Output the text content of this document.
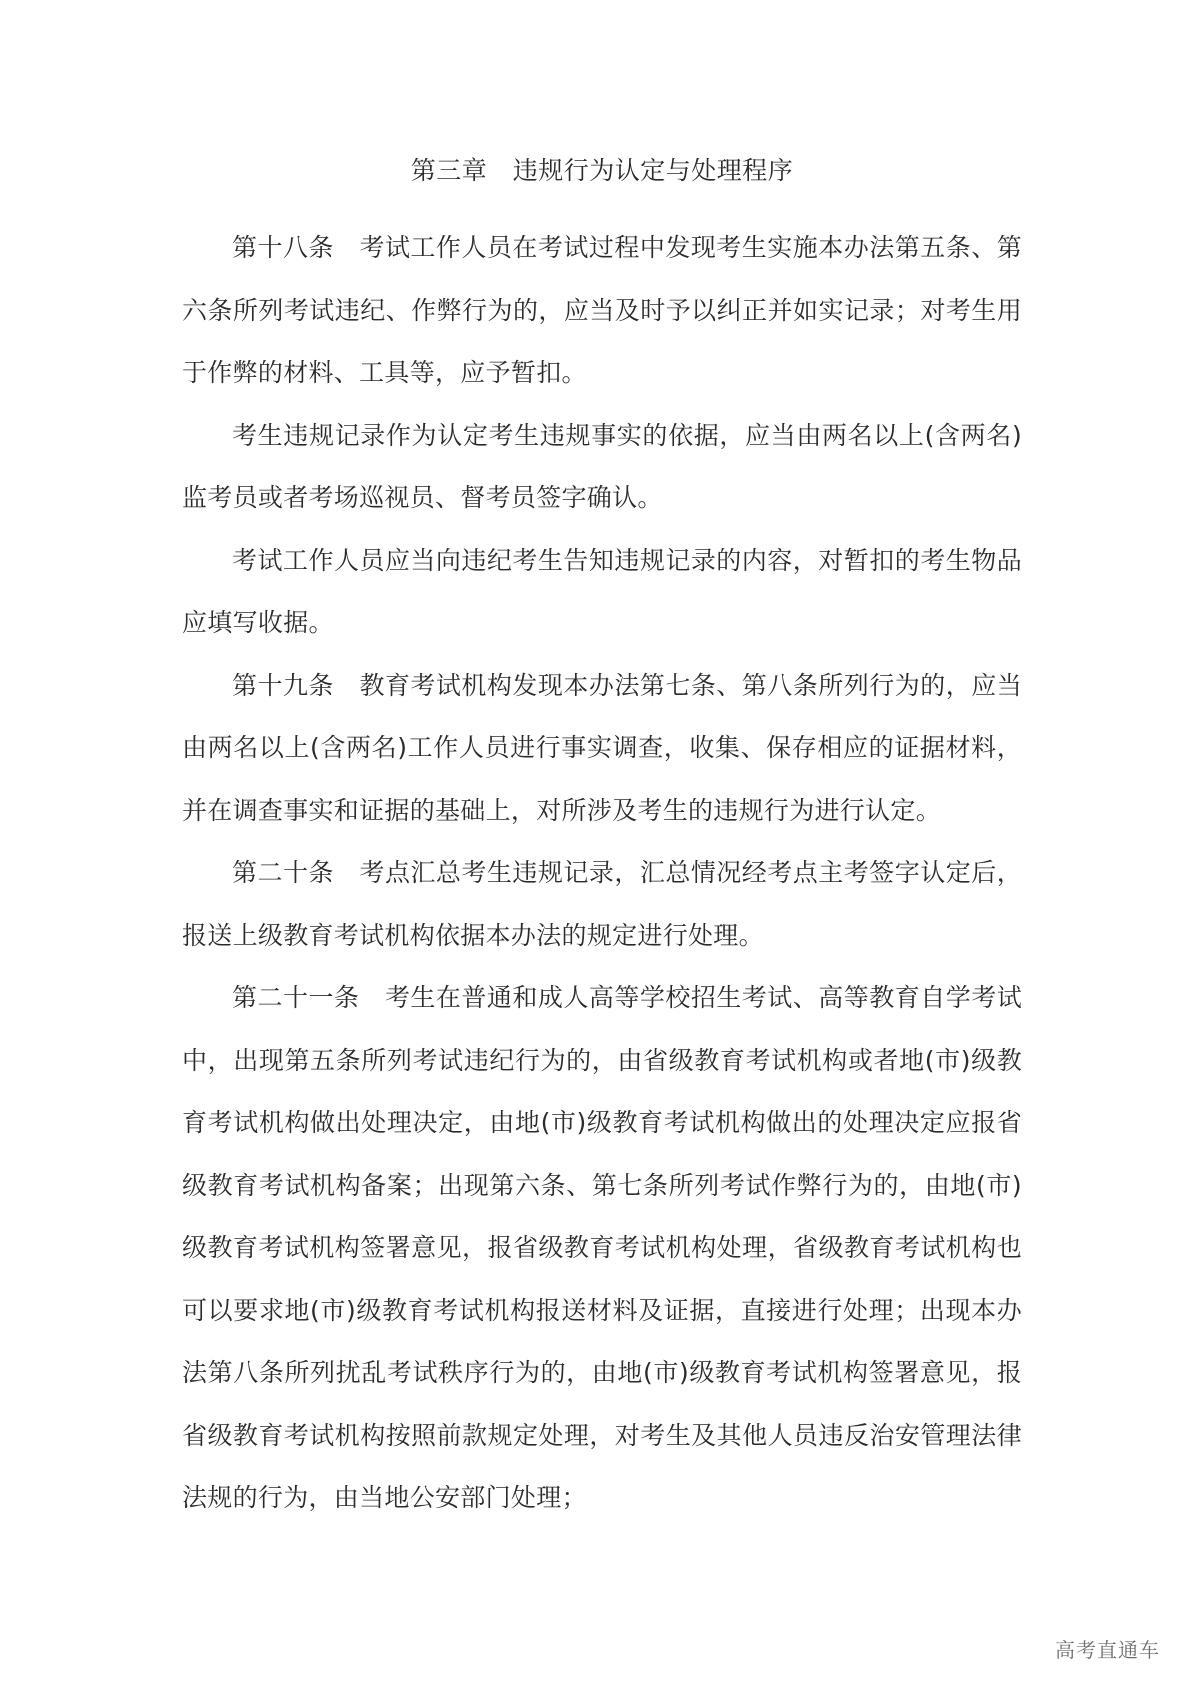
第三章　违规行为认定与处理程序

第十八条　考试工作人员在考试过程中发现考生实施本办法第五条、第六条所列考试违纪、作弊行为的，应当及时予以纠正并如实记录；对考生用于作弊的材料、工具等，应予暂扣。

考生违规记录作为认定考生违规事实的依据，应当由两名以上(含两名)监考员或者考场巡视员、督考员签字确认。

考试工作人员应当向违纪考生告知违规记录的内容，对暂扣的考生物品应填写收据。

第十九条　教育考试机构发现本办法第七条、第八条所列行为的，应当由两名以上(含两名)工作人员进行事实调查，收集、保存相应的证据材料，并在调查事实和证据的基础上，对所涉及考生的违规行为进行认定。

第二十条　考点汇总考生违规记录，汇总情况经考点主考签字认定后，报送上级教育考试机构依据本办法的规定进行处理。

第二十一条　考生在普通和成人高等学校招生考试、高等教育自学考试中，出现第五条所列考试违纪行为的，由省级教育考试机构或者地(市)级教育考试机构做出处理决定，由地(市)级教育考试机构做出的处理决定应报省级教育考试机构备案；出现第六条、第七条所列考试作弊行为的，由地(市)级教育考试机构签署意见，报省级教育考试机构处理，省级教育考试机构也可以要求地(市)级教育考试机构报送材料及证据，直接进行处理；出现本办法第八条所列扰乱考试秩序行为的，由地(市)级教育考试机构签署意见，报省级教育考试机构按照前款规定处理，对考生及其他人员违反治安管理法律法规的行为，由当地公安部门处理；

高考直通车
